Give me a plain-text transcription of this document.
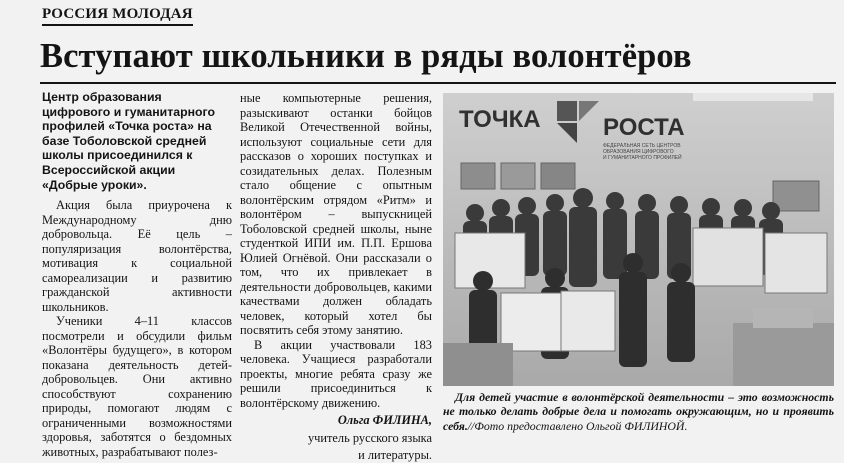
РОССИЯ МОЛОДАЯ
Вступают школьники в ряды волонтёров

Центр образования цифрового и гуманитарного профилей «Точка роста» на базе Тоболовской средней школы присоединился к Всероссийской акции «Добрые уроки».

Акция была приурочена к Международному дню добровольца. Её цель – популяризация волонтёрства, мотивация к социальной самореализации и развитию гражданской активности школьников.

Ученики 4–11 классов посмотрели и обсудили фильм «Волонтёры будущего», в котором показана деятельность детей-добровольцев. Они активно способствуют сохранению природы, помогают людям с ограниченными возможностями здоровья, заботятся о бездомных животных, разрабатывают полез-

ные компьютерные решения, разыскивают останки бойцов Великой Отечественной войны, используют социальные сети для рассказов о хороших поступках и созидательных делах. Полезным стало общение с опытным волонтёрским отрядом «Ритм» и волонтёром – выпускницей Тоболовской средней школы, ныне студенткой ИПИ им. П.П. Ершова Юлией Огнёвой. Они рассказали о том, что их привлекает в деятельности добровольцев, какими качествами должен обладать человек, который хотел бы посвятить себя этому занятию.

В акции участвовали 183 человека. Учащиеся разработали проекты, многие ребята сразу же решили присоединиться к волонтёрскому движению.

Ольга ФИЛИНА,

учитель русского языка

и литературы.

ТОЧКА	РОСТА
ФЕДЕРАЛЬНАЯ СЕТЬ ЦЕНТРОВ
ОБРАЗОВАНИЯ ЦИФРОВОГО
И ГУМАНИТАРНОГО ПРОФИЛЕЙ
Для детей участие в волонтёрской деятельности – это возможность не только делать добрые дела и помогать окружающим, но и проявить себя.//Фото предоставлено Ольгой ФИЛИНОЙ.
